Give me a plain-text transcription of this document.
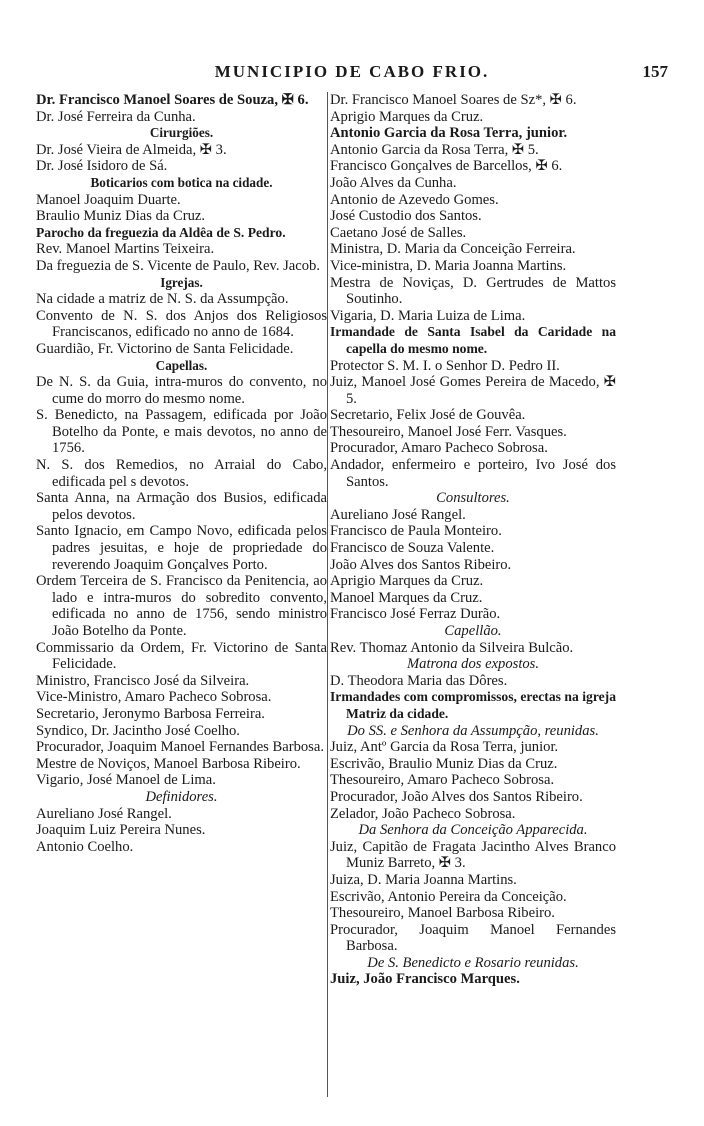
MUNICIPIO DE CABO FRIO.	157

Dr. Francisco Manoel Soares de Souza, ✠ 6.

Dr. José Ferreira da Cunha.

Cirurgiões.

Dr. José Vieira de Almeida, ✠ 3.

Dr. José Isidoro de Sá.

Boticarios com botica na cidade.

Manoel Joaquim Duarte.

Braulio Muniz Dias da Cruz.

Parocho da freguezia da Aldêa de S. Pedro.

Rev. Manoel Martins Teixeira.

Da freguezia de S. Vicente de Paulo, Rev. Jacob.

Igrejas.

Na cidade a matriz de N. S. da Assumpção.

Convento de N. S. dos Anjos dos Religiosos Franciscanos, edificado no anno de 1684.

Guardião, Fr. Victorino de Santa Felicidade.

Capellas.

De N. S. da Guia, intra-muros do convento, no cume do morro do mesmo nome.

S. Benedicto, na Passagem, edificada por João Botelho da Ponte, e mais devotos, no anno de 1756.

N. S. dos Remedios, no Arraial do Cabo, edificada pel s devotos.

Santa Anna, na Armação dos Busios, edificada pelos devotos.

Santo Ignacio, em Campo Novo, edificada pelos padres jesuitas, e hoje de propriedade do reverendo Joaquim Gonçalves Porto.

Ordem Terceira de S. Francisco da Penitencia, ao lado e intra-muros do sobredito convento, edificada no anno de 1756, sendo ministro João Botelho da Ponte.

Commissario da Ordem, Fr. Victorino de Santa Felicidade.

Ministro, Francisco José da Silveira.

Vice-Ministro, Amaro Pacheco Sobrosa.

Secretario, Jeronymo Barbosa Ferreira.

Syndico, Dr. Jacintho José Coelho.

Procurador, Joaquim Manoel Fernandes Barbosa.

Mestre de Noviços, Manoel Barbosa Ribeiro.

Vigario, José Manoel de Lima.

Definidores.

Aureliano José Rangel.

Joaquim Luiz Pereira Nunes.

Antonio Coelho.

Dr. Francisco Manoel Soares de Sz*, ✠ 6.

Aprigio Marques da Cruz.

Antonio Garcia da Rosa Terra, junior.

Antonio Garcia da Rosa Terra, ✠ 5.

Francisco Gonçalves de Barcellos, ✠ 6.

João Alves da Cunha.

Antonio de Azevedo Gomes.

José Custodio dos Santos.

Caetano José de Salles.

Ministra, D. Maria da Conceição Ferreira.

Vice-ministra, D. Maria Joanna Martins.

Mestra de Noviças, D. Gertrudes de Mattos Soutinho.

Vigaria, D. Maria Luiza de Lima.

Irmandade de Santa Isabel da Caridade na capella do mesmo nome.

Protector S. M. I. o Senhor D. Pedro II.

Juiz, Manoel José Gomes Pereira de Macedo, ✠ 5.

Secretario, Felix José de Gouvêa.

Thesoureiro, Manoel José Ferr. Vasques.

Procurador, Amaro Pacheco Sobrosa.

Andador, enfermeiro e porteiro, Ivo José dos Santos.

Consultores.

Aureliano José Rangel.

Francisco de Paula Monteiro.

Francisco de Souza Valente.

João Alves dos Santos Ribeiro.

Aprigio Marques da Cruz.

Manoel Marques da Cruz.

Francisco José Ferraz Durão.

Capellão.

Rev. Thomaz Antonio da Silveira Bulcão.

Matrona dos expostos.

D. Theodora Maria das Dôres.

Irmandades com compromissos, erectas na igreja Matriz da cidade.

Do SS. e Senhora da Assumpção, reunidas.

Juiz, Antº Garcia da Rosa Terra, junior.

Escrivão, Braulio Muniz Dias da Cruz.

Thesoureiro, Amaro Pacheco Sobrosa.

Procurador, João Alves dos Santos Ribeiro.

Zelador, João Pacheco Sobrosa.

Da Senhora da Conceição Apparecida.

Juiz, Capitão de Fragata Jacintho Alves Branco Muniz Barreto, ✠ 3.

Juiza, D. Maria Joanna Martins.

Escrivão, Antonio Pereira da Conceição.

Thesoureiro, Manoel Barbosa Ribeiro.

Procurador, Joaquim Manoel Fernandes Barbosa.

De S. Benedicto e Rosario reunidas.

Juiz, João Francisco Marques.
